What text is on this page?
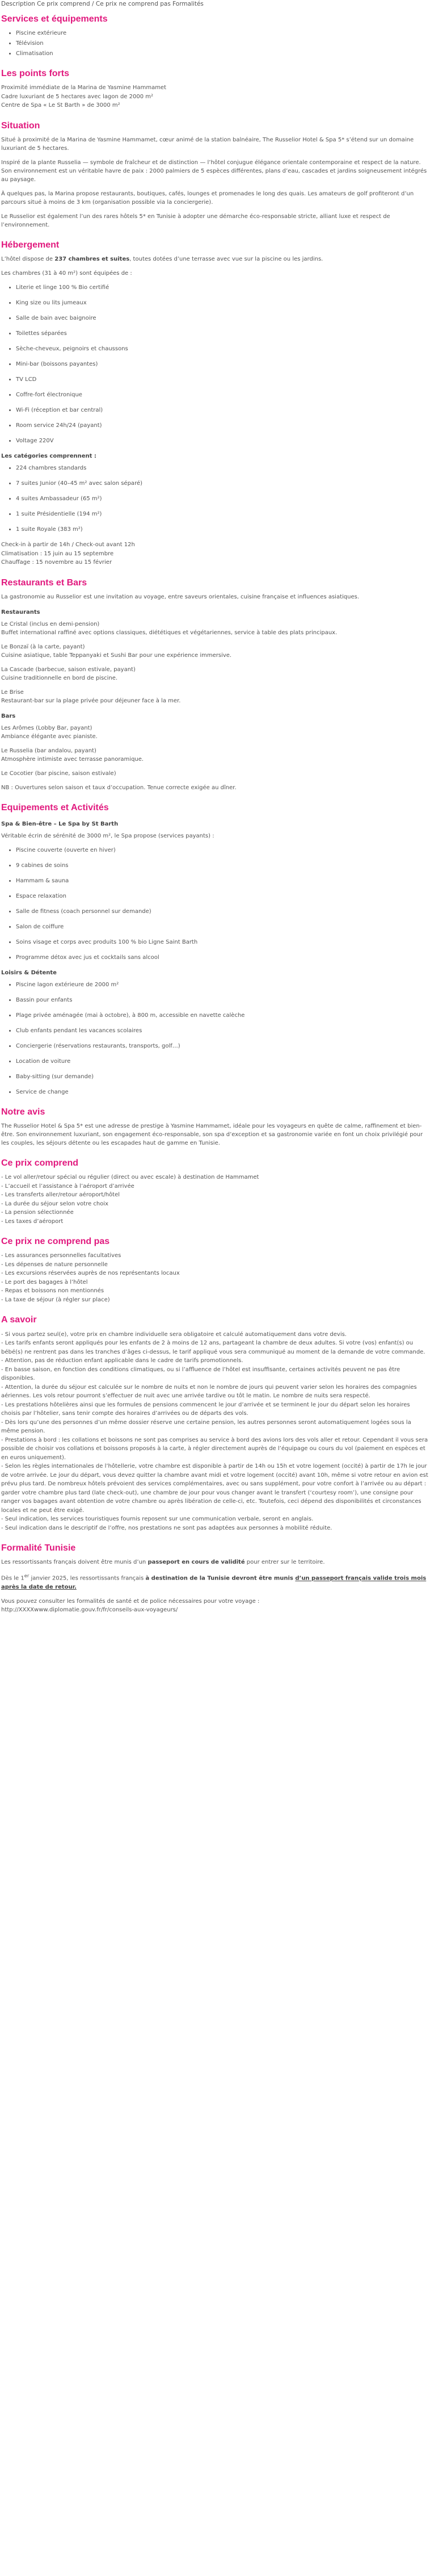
Description Ce prix comprend / Ce prix ne comprend pas Formalités
Services et équipements
• Piscine extérieure
• Télévision
• Climatisation
Les points forts
Proximité immédiate de la Marina de Yasmine Hammamet
Cadre luxuriant de 5 hectares avec lagon de 2000 m²
Centre de Spa « Le St Barth » de 3000 m²
Situation

Situé à proximité de la Marina de Yasmine Hammamet, cœur animé de la station balnéaire, The Russelior Hotel & Spa 5* s’étend sur un domaine luxuriant de 5 hectares.

Inspiré de la plante Russelia — symbole de fraîcheur et de distinction — l’hôtel conjugue élégance orientale contemporaine et respect de la nature. Son environnement est un véritable havre de paix : 2000 palmiers de 5 espèces différentes, plans d’eau, cascades et jardins soigneusement intégrés au paysage.

À quelques pas, la Marina propose restaurants, boutiques, cafés, lounges et promenades le long des quais. Les amateurs de golf profiteront d’un parcours situé à moins de 3 km (organisation possible via la conciergerie).

Le Russelior est également l’un des rares hôtels 5* en Tunisie à adopter une démarche éco-responsable stricte, alliant luxe et respect de l’environnement.

Hébergement

L’hôtel dispose de 237 chambres et suites, toutes dotées d’une terrasse avec vue sur la piscine ou les jardins.

Les chambres (31 à 40 m²) sont équipées de :

• Literie et linge 100 % Bio certifié
• King size ou lits jumeaux
• Salle de bain avec baignoire
• Toilettes séparées
• Sèche-cheveux, peignoirs et chaussons
• Mini-bar (boissons payantes)
• TV LCD
• Coffre-fort électronique
• Wi-Fi (réception et bar central)
• Room service 24h/24 (payant)
• Voltage 220V
Les catégories comprennent :
• 224 chambres standards
• 7 suites Junior (40–45 m² avec salon séparé)
• 4 suites Ambassadeur (65 m²)
• 1 suite Présidentielle (194 m²)
• 1 suite Royale (383 m²)
Check-in à partir de 14h / Check-out avant 12h
Climatisation : 15 juin au 15 septembre
Chauffage : 15 novembre au 15 février
Restaurants et Bars

La gastronomie au Russelior est une invitation au voyage, entre saveurs orientales, cuisine française et influences asiatiques.

Restaurants
Le Cristal (inclus en demi-pension)
Buffet international raffiné avec options classiques, diététiques et végétariennes, service à table des plats principaux.
Le Bonzaï (à la carte, payant)
Cuisine asiatique, table Teppanyaki et Sushi Bar pour une expérience immersive.
La Cascade (barbecue, saison estivale, payant)
Cuisine traditionnelle en bord de piscine.
Le Brise
Restaurant-bar sur la plage privée pour déjeuner face à la mer.
Bars
Les Arômes (Lobby Bar, payant)
Ambiance élégante avec pianiste.
Le Russelia (bar andalou, payant)
Atmosphère intimiste avec terrasse panoramique.
Le Cocotier (bar piscine, saison estivale)

NB : Ouvertures selon saison et taux d’occupation. Tenue correcte exigée au dîner.

Equipements et Activités
Spa & Bien-être – Le Spa by St Barth

Véritable écrin de sérénité de 3000 m², le Spa propose (services payants) :

• Piscine couverte (ouverte en hiver)
• 9 cabines de soins
• Hammam & sauna
• Espace relaxation
• Salle de fitness (coach personnel sur demande)
• Salon de coiffure
• Soins visage et corps avec produits 100 % bio Ligne Saint Barth
• Programme détox avec jus et cocktails sans alcool
Loisirs & Détente
• Piscine lagon extérieure de 2000 m²
• Bassin pour enfants
• Plage privée aménagée (mai à octobre), à 800 m, accessible en navette calèche
• Club enfants pendant les vacances scolaires
• Conciergerie (réservations restaurants, transports, golf…)
• Location de voiture
• Baby-sitting (sur demande)
• Service de change
Notre avis

The Russelior Hotel & Spa 5* est une adresse de prestige à Yasmine Hammamet, idéale pour les voyageurs en quête de calme, raffinement et bien-être. Son environnement luxuriant, son engagement éco-responsable, son spa d’exception et sa gastronomie variée en font un choix privilégié pour les couples, les séjours détente ou les escapades haut de gamme en Tunisie.

Ce prix comprend
- Le vol aller/retour spécial ou régulier (direct ou avec escale) à destination de Hammamet
- L’accueil et l’assistance à l’aéroport d’arrivée
- Les transferts aller/retour aéroport/hôtel
- La durée du séjour selon votre choix
- La pension sélectionnée
- Les taxes d’aéroport
Ce prix ne comprend pas
- Les assurances personnelles facultatives
- Les dépenses de nature personnelle
- Les excursions réservées auprès de nos représentants locaux
- Le port des bagages à l’hôtel
- Repas et boissons non mentionnés
- La taxe de séjour (à régler sur place)
A savoir
- Si vous partez seul(e), votre prix en chambre individuelle sera obligatoire et calculé automatiquement dans votre devis.
- Les tarifs enfants seront appliqués pour les enfants de 2 à moins de 12 ans, partageant la chambre de deux adultes. Si votre (vos) enfant(s) ou bébé(s) ne rentrent pas dans les tranches d’âges ci-dessus, le tarif appliqué vous sera communiqué au moment de la demande de votre commande.
- Attention, pas de réduction enfant applicable dans le cadre de tarifs promotionnels.
- En basse saison, en fonction des conditions climatiques, ou si l’affluence de l’hôtel est insuffisante, certaines activités peuvent ne pas être disponibles.
- Attention, la durée du séjour est calculée sur le nombre de nuits et non le nombre de jours qui peuvent varier selon les horaires des compagnies aériennes. Les vols retour pourront s’effectuer de nuit avec une arrivée tardive ou tôt le matin. Le nombre de nuits sera respecté.
- Les prestations hôtelières ainsi que les formules de pensions commencent le jour d’arrivée et se terminent le jour du départ selon les horaires choisis par l’hôtelier, sans tenir compte des horaires d’arrivées ou de départs des vols.
- Dès lors qu’une des personnes d’un même dossier réserve une certaine pension, les autres personnes seront automatiquement logées sous la même pension.
- Prestations à bord : les collations et boissons ne sont pas comprises au service à bord des avions lors des vols aller et retour. Cependant il vous sera possible de choisir vos collations et boissons proposés à la carte, à régler directement auprès de l’équipage ou cours du vol (paiement en espèces et en euros uniquement).
- Selon les règles internationales de l’hôtellerie, votre chambre est disponible à partir de 14h ou 15h et votre logement (occité) à partir de 17h le jour de votre arrivée. Le jour du départ, vous devez quitter la chambre avant midi et votre logement (occité) avant 10h, même si votre retour en avion est prévu plus tard. De nombreux hôtels prévoient des services complémentaires, avec ou sans supplément, pour votre confort à l’arrivée ou au départ : garder votre chambre plus tard (late check-out), une chambre de jour pour vous changer avant le transfert (‘courtesy room’), une consigne pour ranger vos bagages avant obtention de votre chambre ou après libération de celle-ci, etc. Toutefois, ceci dépend des disponibilités et circonstances locales et ne peut être exigé.
- Seul indication, les services touristiques fournis reposent sur une communication verbale, seront en anglais.
- Seul indication dans le descriptif de l’offre, nos prestations ne sont pas adaptées aux personnes à mobilité réduite.
Formalité Tunisie

Les ressortissants français doivent être munis d’un passeport en cours de validité pour entrer sur le territoire.

Dès le 1er janvier 2025, les ressortissants français à destination de la Tunisie devront être munis d’un passeport français valide trois mois après la date de retour.

Vous pouvez consulter les formalités de santé et de police nécessaires pour votre voyage :
http://XXXXwww.diplomatie.gouv.fr/fr/conseils-aux-voyageurs/
